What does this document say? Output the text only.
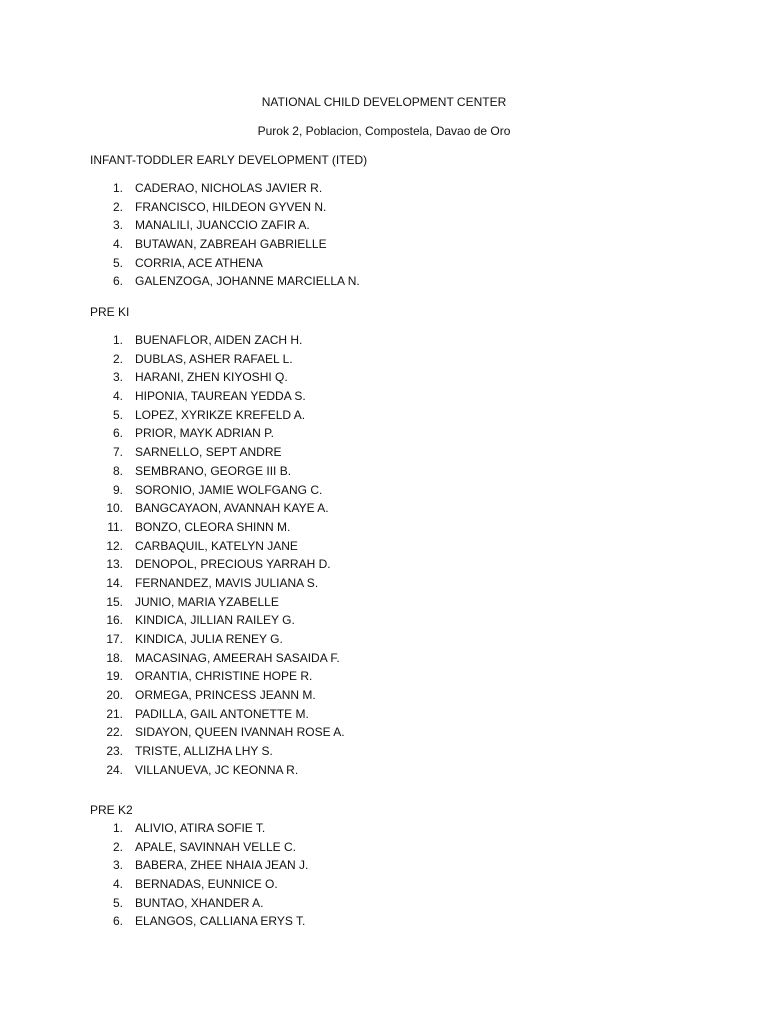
NATIONAL CHILD DEVELOPMENT CENTER
Purok 2, Poblacion, Compostela, Davao de Oro
INFANT-TODDLER EARLY DEVELOPMENT (ITED)
1. CADERAO, NICHOLAS JAVIER R.
2. FRANCISCO, HILDEON GYVEN N.
3. MANALILI, JUANCCIO ZAFIR A.
4. BUTAWAN, ZABREAH GABRIELLE
5. CORRIA, ACE ATHENA
6. GALENZOGA, JOHANNE MARCIELLA N.
PRE KI
1. BUENAFLOR, AIDEN ZACH H.
2. DUBLAS, ASHER RAFAEL L.
3. HARANI, ZHEN KIYOSHI Q.
4. HIPONIA, TAUREAN YEDDA S.
5. LOPEZ, XYRIKZE KREFELD A.
6. PRIOR, MAYK ADRIAN P.
7. SARNELLO, SEPT ANDRE
8. SEMBRANO, GEORGE III B.
9. SORONIO, JAMIE WOLFGANG C.
10. BANGCAYAON, AVANNAH KAYE A.
11. BONZO, CLEORA SHINN M.
12. CARBAQUIL, KATELYN JANE
13. DENOPOL, PRECIOUS YARRAH D.
14. FERNANDEZ, MAVIS JULIANA S.
15. JUNIO, MARIA YZABELLE
16. KINDICA, JILLIAN RAILEY G.
17. KINDICA, JULIA RENEY G.
18. MACASINAG, AMEERAH SASAIDA F.
19. ORANTIA, CHRISTINE HOPE R.
20. ORMEGA, PRINCESS JEANN M.
21. PADILLA, GAIL ANTONETTE M.
22. SIDAYON, QUEEN IVANNAH ROSE A.
23. TRISTE, ALLIZHA LHY S.
24. VILLANUEVA, JC KEONNA R.
PRE K2
1. ALIVIO, ATIRA SOFIE T.
2. APALE, SAVINNAH VELLE C.
3. BABERA, ZHEE NHAIA JEAN J.
4. BERNADAS, EUNNICE O.
5. BUNTAO, XHANDER A.
6. ELANGOS, CALLIANA ERYS T.
